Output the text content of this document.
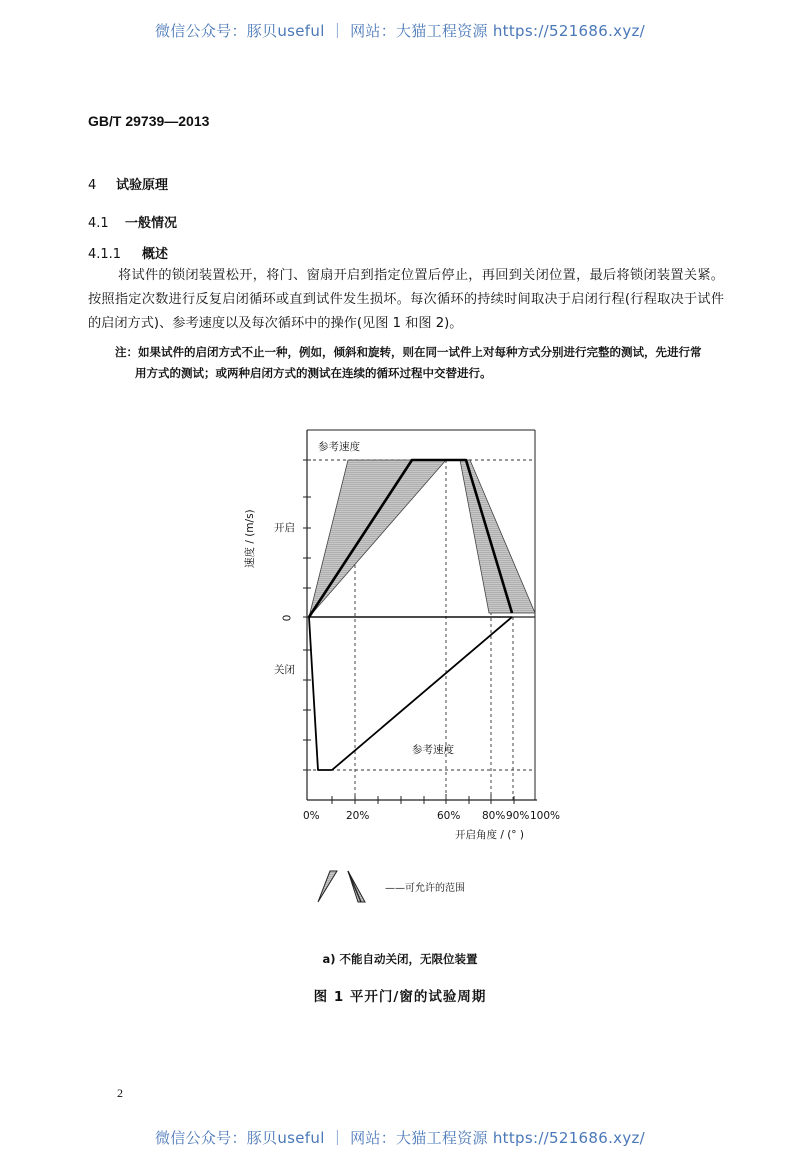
微信公众号：豚贝useful ｜ 网站：大猫工程资源 https://521686.xyz/
微信公众号：豚贝useful ｜ 网站：大猫工程资源 https://521686.xyz/
GB/T 29739—2013
4 试验原理
4.1 一般情况
4.1.1 概述
将试件的锁闭装置松开，将门、窗扇开启到指定位置后停止，再回到关闭位置，最后将锁闭装置关紧。按照指定次数进行反复启闭循环或直到试件发生损坏。每次循环的持续时间取决于启闭行程(行程取决于试件的启闭方式)、参考速度以及每次循环中的操作(见图 1 和图 2)。
注：如果试件的启闭方式不止一种，例如，倾斜和旋转，则在同一试件上对每种方式分别进行完整的测试，先进行常
用方式的测试；或两种启闭方式的测试在连续的循环过程中交替进行。
参考速度
参考速度
开启
关闭
速度 / (m/s)
0
0%	20%	60% 80% 90% 100%
开启角度 / (° )
——可允许的范围
a) 不能自动关闭，无限位装置
图 1 平开门/窗的试验周期
2
